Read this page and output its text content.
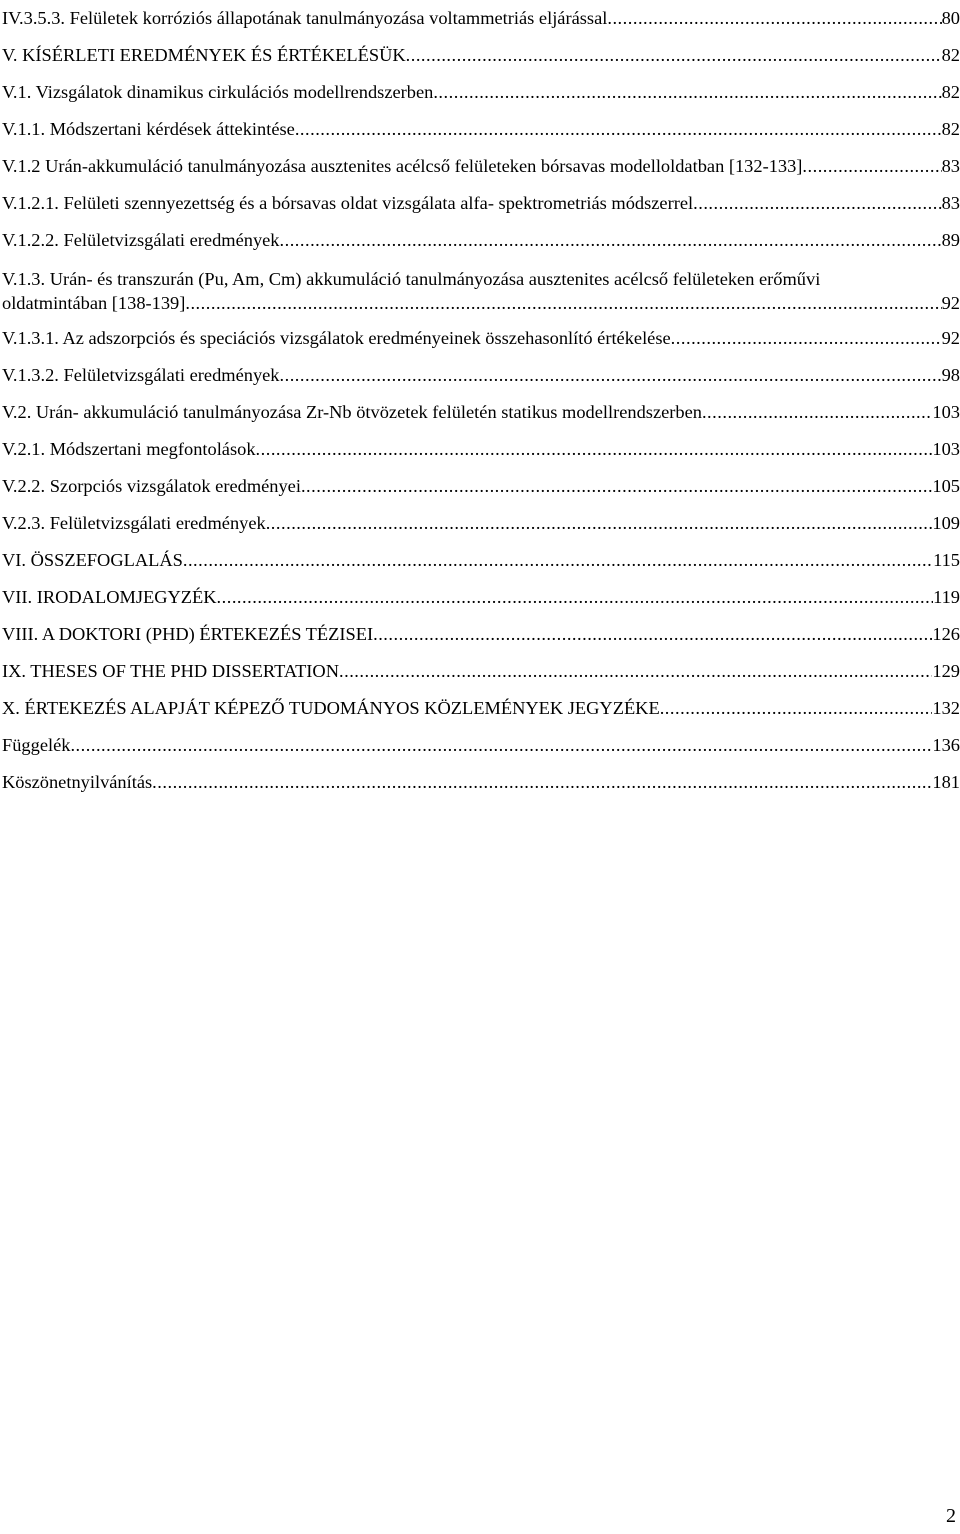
IV.3.5.3. Felületek korróziós állapotának tanulmányozása voltammetriás eljárással .....	80
V. KÍSÉRLETI EREDMÉNYEK ÉS ÉRTÉKELÉSÜK .....	82
V.1. Vizsgálatok dinamikus cirkulációs modellrendszerben .....	82
V.1.1. Módszertani kérdések áttekintése .....	82
V.1.2 Urán-akkumuláció tanulmányozása ausztenites acélcső felületeken bórsavas modelloldatban [132-133] .....	83
V.1.2.1. Felületi szennyezettség és a bórsavas oldat vizsgálata alfa- spektrometriás módszerrel .....	83
V.1.2.2. Felületvizsgálati eredmények .....	89
V.1.3. Urán- és transzurán (Pu, Am, Cm) akkumuláció tanulmányozása ausztenites acélcső felületeken erőművi
oldatmintában [138-139] .....	92
V.1.3.1. Az adszorpciós és speciációs vizsgálatok eredményeinek összehasonlító értékelése .....	92
V.1.3.2. Felületvizsgálati eredmények .....	98
V.2. Urán- akkumuláció tanulmányozása Zr-Nb ötvözetek felületén statikus modellrendszerben .....	103
V.2.1. Módszertani megfontolások .....	103
V.2.2. Szorpciós vizsgálatok eredményei .....	105
V.2.3. Felületvizsgálati eredmények .....	109
VI. ÖSSZEFOGLALÁS .....	115
VII. IRODALOMJEGYZÉK .....	119
VIII. A DOKTORI (PHD) ÉRTEKEZÉS TÉZISEI .....	126
IX. THESES OF THE PHD DISSERTATION .....	129
X. ÉRTEKEZÉS ALAPJÁT KÉPEZŐ TUDOMÁNYOS KÖZLEMÉNYEK JEGYZÉKE .....	132
Függelék .....	136
Köszönetnyilvánítás .....	181
2
